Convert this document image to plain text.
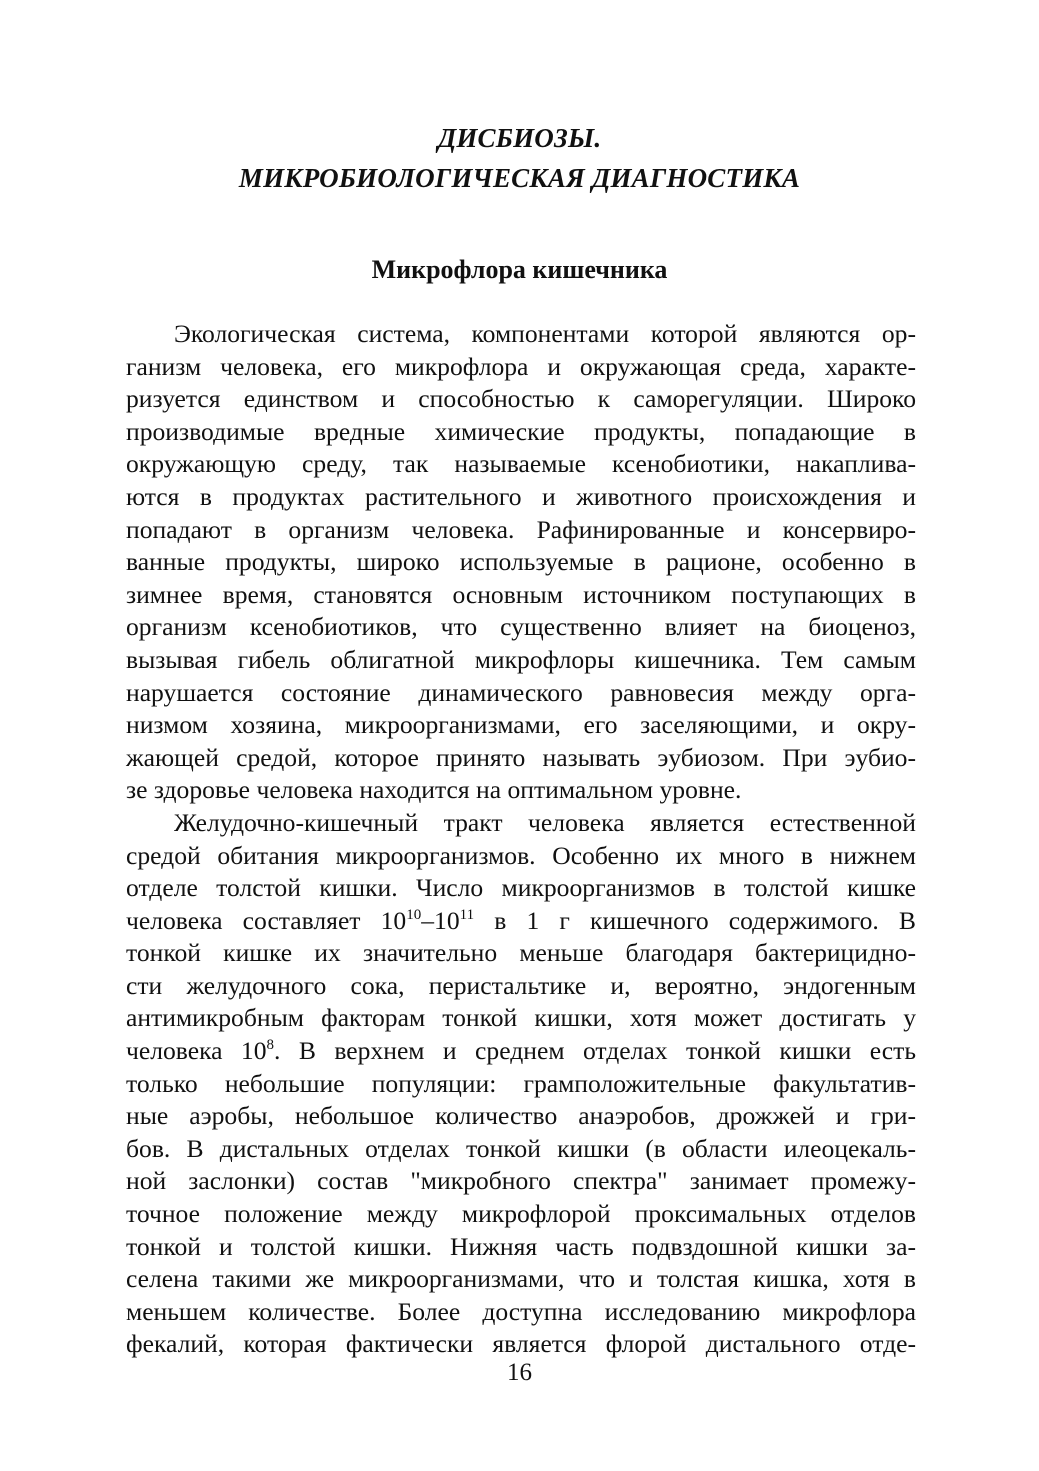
ДИСБИОЗЫ.
МИКРОБИОЛОГИЧЕСКАЯ ДИАГНОСТИКА
Микрофлора кишечника
Экологическая система, компонентами которой являются ор-
ганизм человека, его микрофлора и окружающая среда, характе-
ризуется единством и способностью к саморегуляции. Широко
производимые вредные химические продукты, попадающие в
окружающую среду, так называемые ксенобиотики, накаплива-
ются в продуктах растительного и животного происхождения и
попадают в организм человека. Рафинированные и консервиро-
ванные продукты, широко используемые в рационе, особенно в
зимнее время, становятся основным источником поступающих в
организм ксенобиотиков, что существенно влияет на биоценоз,
вызывая гибель облигатной микрофлоры кишечника. Тем самым
нарушается состояние динамического равновесия между орга-
низмом хозяина, микроорганизмами, его заселяющими, и окру-
жающей средой, которое принято называть эубиозом. При эубио-
зе здоровье человека находится на оптимальном уровне.
Желудочно-кишечный тракт человека является естественной
средой обитания микроорганизмов. Особенно их много в нижнем
отделе толстой кишки. Число микроорганизмов в толстой кишке
человека составляет $10^{10}-10^{11}$ в 1 г кишечного содержимого. В
тонкой кишке их значительно меньше благодаря бактерицидно-
сти желудочного сока, перистальтике и, вероятно, эндогенным
антимикробным факторам тонкой кишки, хотя может достигать у
человека $10^8$. В верхнем и среднем отделах тонкой кишки есть
только небольшие популяции: грамположительные факультатив-
ные аэробы, небольшое количество анаэробов, дрожжей и гри-
бов. В дистальных отделах тонкой кишки (в области илеоцекаль-
ной заслонки) состав "микробного спектра" занимает промежу-
точное положение между микрофлорой проксимальных отделов
тонкой и толстой кишки. Нижняя часть подвздошной кишки за-
селена такими же микроорганизмами, что и толстая кишка, хотя в
меньшем количестве. Более доступна исследованию микрофлора
фекалий, которая фактически является флорой дистального отде-
16
